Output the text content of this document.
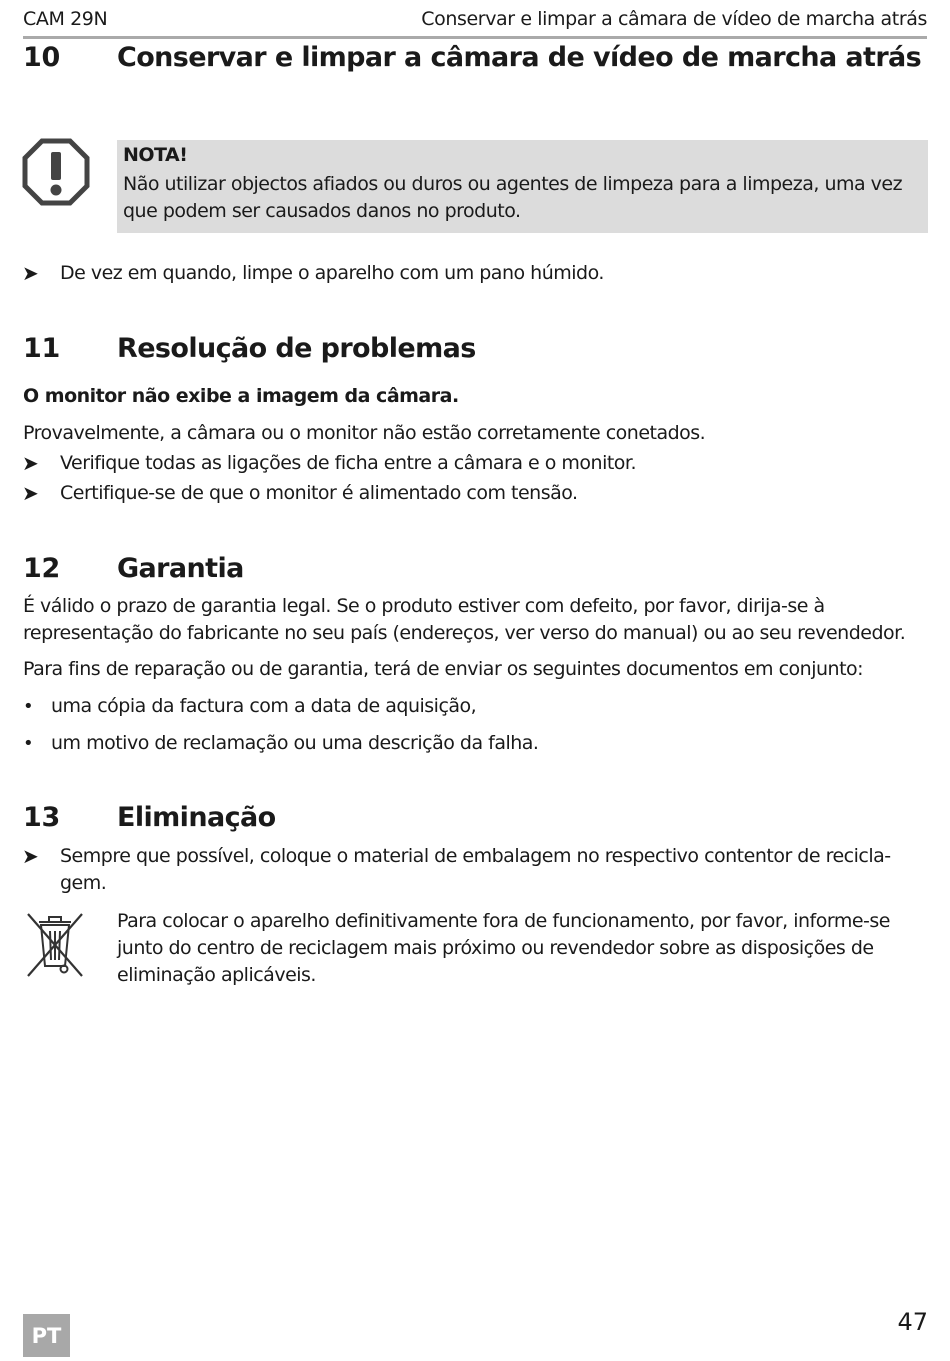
CAM 29N	Conservar e limpar a câmara de vídeo de marcha atrás
10 Conservar e limpar a câmara de vídeo de marcha atrás
NOTA!
Não utilizar objectos afiados ou duros ou agentes de limpeza para a limpeza, uma vez que podem ser causados danos no produto.
➤ De vez em quando, limpe o aparelho com um pano húmido.
11 Resolução de problemas
O monitor não exibe a imagem da câmara.
Provavelmente, a câmara ou o monitor não estão corretamente conetados.
➤ Verifique todas as ligações de ficha entre a câmara e o monitor.
➤ Certifique-se de que o monitor é alimentado com tensão.
12 Garantia
É válido o prazo de garantia legal. Se o produto estiver com defeito, por favor, dirija-se à representação do fabricante no seu país (endereços, ver verso do manual) ou ao seu revendedor.
Para fins de reparação ou de garantia, terá de enviar os seguintes documentos em conjunto:
• uma cópia da factura com a data de aquisição,
• um motivo de reclamação ou uma descrição da falha.
13 Eliminação
➤ Sempre que possível, coloque o material de embalagem no respectivo contentor de recicla-
gem.
Para colocar o aparelho definitivamente fora de funcionamento, por favor, informe-se junto do centro de reciclagem mais próximo ou revendedor sobre as disposições de eliminação aplicáveis.
PT	47
